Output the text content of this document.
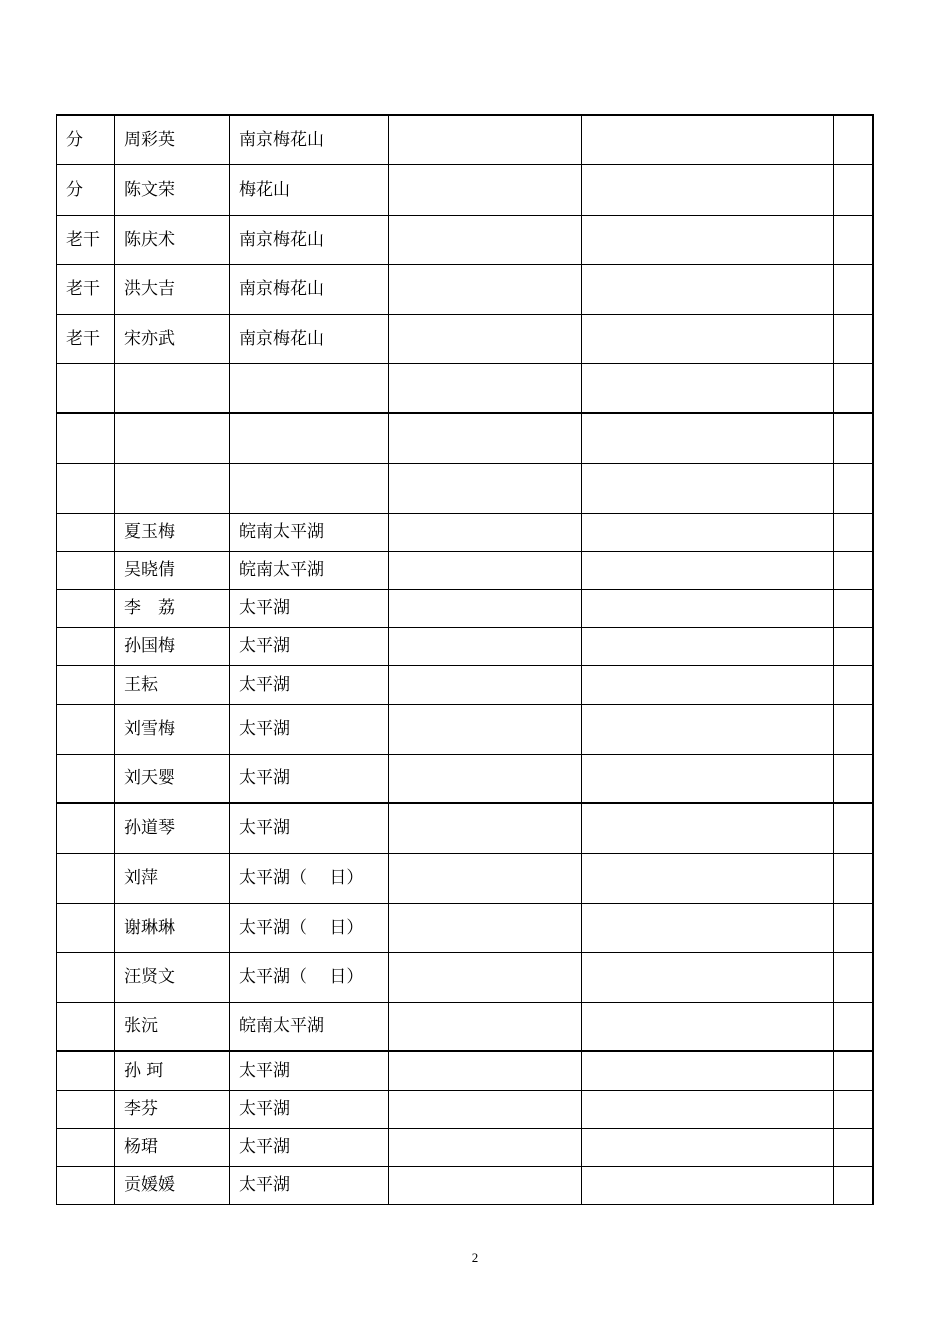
分	周彩英	南京梅花山			
分	陈文荣	梅花山			
老干	陈庆术	南京梅花山			
老干	洪大吉	南京梅花山			
老干	宋亦武	南京梅花山			

	夏玉梅	皖南太平湖			
	吴晓倩	皖南太平湖			
	李　荔	太平湖			
	孙国梅	太平湖			
	王耘	太平湖			
	刘雪梅	太平湖			
	刘天婴	太平湖			
	孙道琴	太平湖			
	刘萍	太平湖（　 日）			
	谢琳琳	太平湖（　 日）			
	汪贤文	太平湖（　 日）			
	张沅	皖南太平湖			
	孙 珂	太平湖			
	李芬	太平湖			
	杨珺	太平湖			
	贡媛媛	太平湖			
2
